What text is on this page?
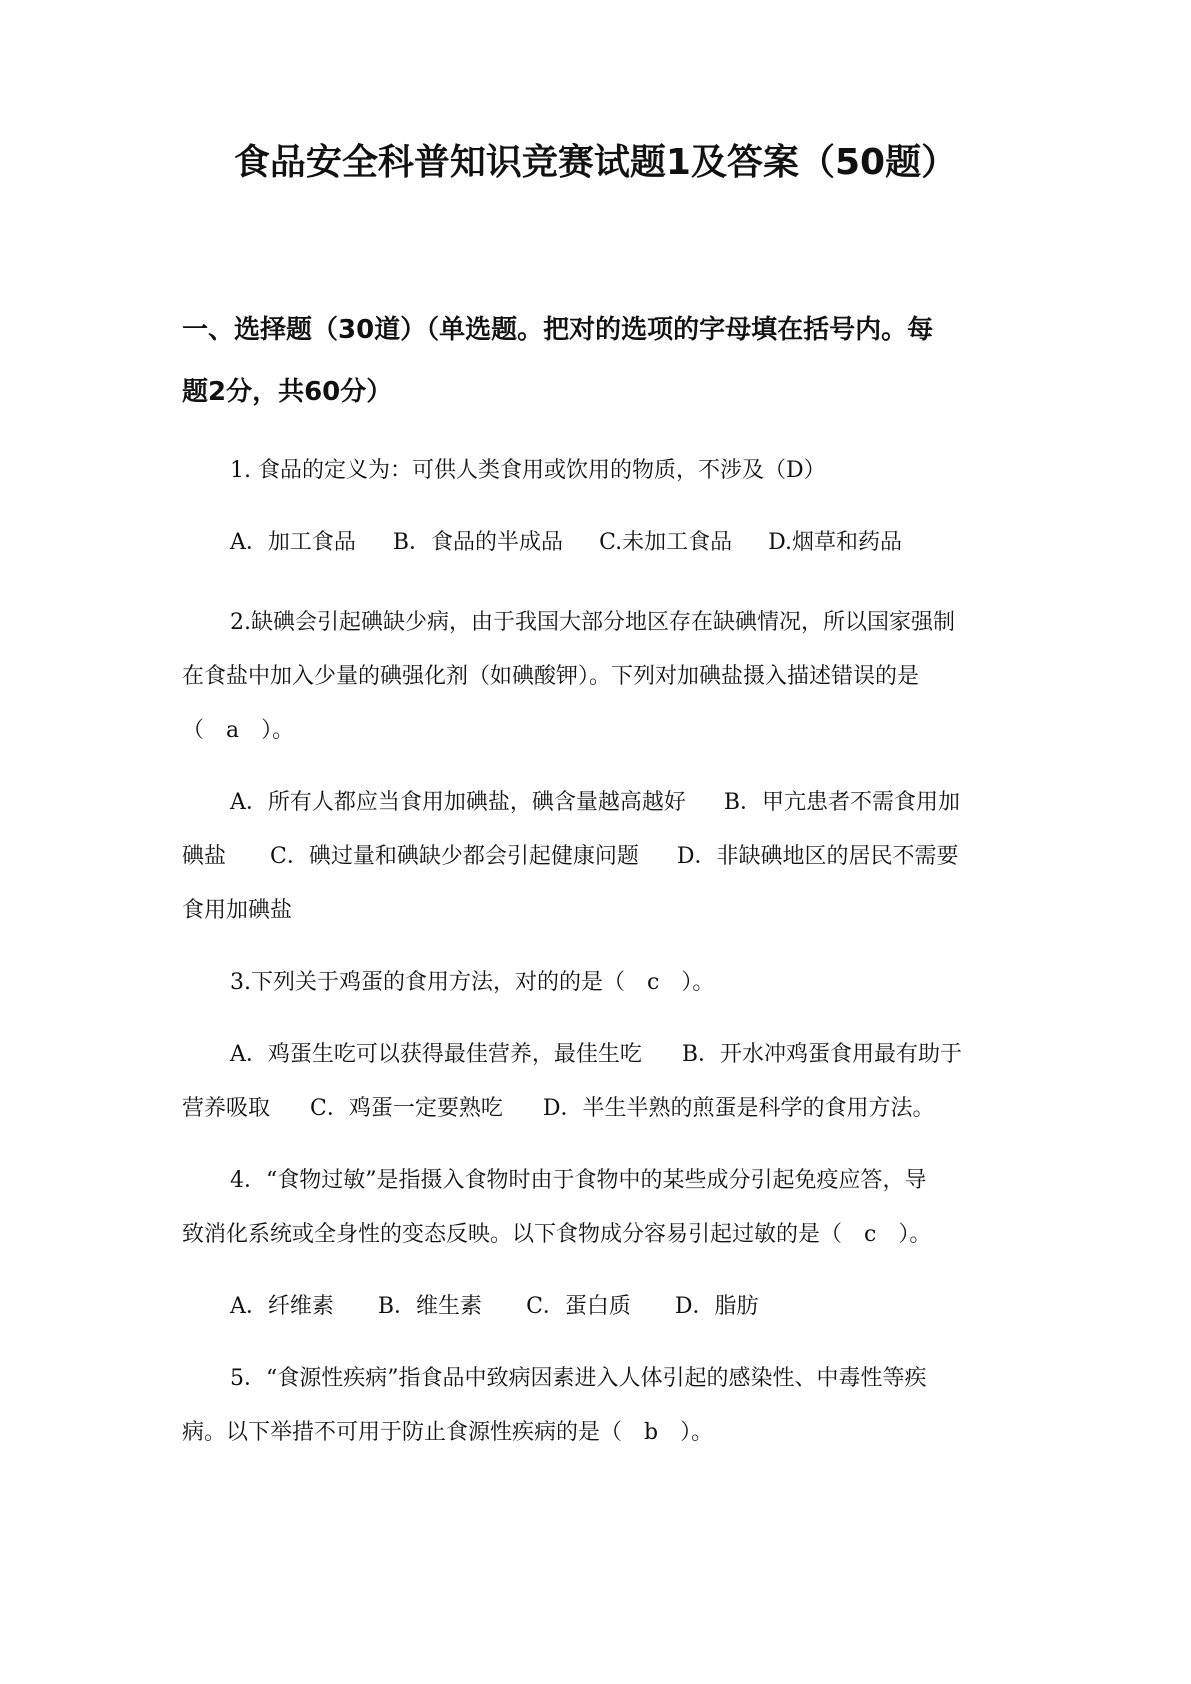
食品安全科普知识竞赛试题1及答案（50题）
一、选择题（30道）（单选题。把对的选项的字母填在括号内。每
题2分，共60分）
1. 食品的定义为：可供人类食用或饮用的物质，不涉及（D）
A．加工食品 B．食品的半成品 C.未加工食品 D.烟草和药品
2.缺碘会引起碘缺少病，由于我国大部分地区存在缺碘情况，所以国家强制
在食盐中加入少量的碘强化剂（如碘酸钾）。下列对加碘盐摄入描述错误的是
（　a　）。
A．所有人都应当食用加碘盐，碘含量越高越好 B．甲亢患者不需食用加
碘盐 C．碘过量和碘缺少都会引起健康问题 D．非缺碘地区的居民不需要
食用加碘盐
3.下列关于鸡蛋的食用方法，对的的是（　c　）。
A．鸡蛋生吃可以获得最佳营养，最佳生吃 B．开水冲鸡蛋食用最有助于
营养吸取 C．鸡蛋一定要熟吃 D．半生半熟的煎蛋是科学的食用方法。
4．“食物过敏”是指摄入食物时由于食物中的某些成分引起免疫应答，导
致消化系统或全身性的变态反映。以下食物成分容易引起过敏的是（　c　）。
A．纤维素 B．维生素 C．蛋白质 D．脂肪
5．“食源性疾病”指食品中致病因素进入人体引起的感染性、中毒性等疾
病。以下举措不可用于防止食源性疾病的是（　b　）。
